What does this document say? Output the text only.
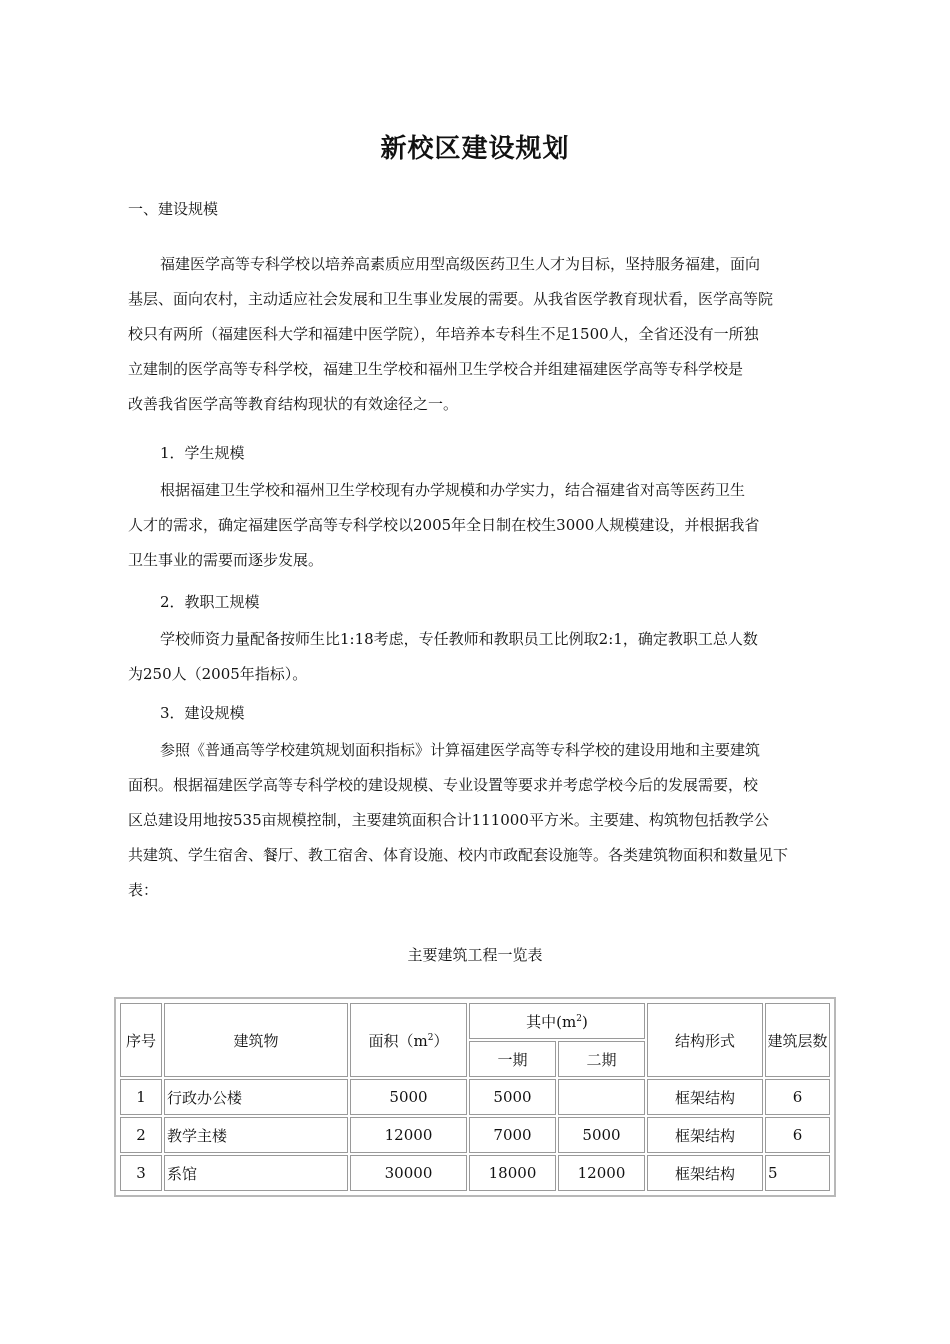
新校区建设规划
一、建设规模

福建医学高等专科学校以培养高素质应用型高级医药卫生人才为目标，坚持服务福建，面向

基层、面向农村，主动适应社会发展和卫生事业发展的需要。从我省医学教育现状看，医学高等院

校只有两所（福建医科大学和福建中医学院），年培养本专科生不足1500人，全省还没有一所独

立建制的医学高等专科学校，福建卫生学校和福州卫生学校合并组建福建医学高等专科学校是

改善我省医学高等教育结构现状的有效途径之一。

1．学生规模

根据福建卫生学校和福州卫生学校现有办学规模和办学实力，结合福建省对高等医药卫生

人才的需求，确定福建医学高等专科学校以2005年全日制在校生3000人规模建设，并根据我省

卫生事业的需要而逐步发展。

2．教职工规模

学校师资力量配备按师生比1:18考虑，专任教师和教职员工比例取2:1，确定教职工总人数

为250人（2005年指标）。

3．建设规模

参照《普通高等学校建筑规划面积指标》计算福建医学高等专科学校的建设用地和主要建筑

面积。根据福建医学高等专科学校的建设规模、专业设置等要求并考虑学校今后的发展需要，校

区总建设用地按535亩规模控制，主要建筑面积合计111000平方米。主要建、构筑物包括教学公

共建筑、学生宿舍、餐厅、教工宿舍、体育设施、校内市政配套设施等。各类建筑物面积和数量见下

表：

主要建筑工程一览表
序号	建筑物	面积$(m^2)$	其中$(m^2)$		结构形式	建筑层数
			一期	二期		
1	行政办公楼	5000	5000		框架结构	6
2	教学主楼	12000	7000	5000	框架结构	6
3	系馆	30000	18000	12000	框架结构	5
